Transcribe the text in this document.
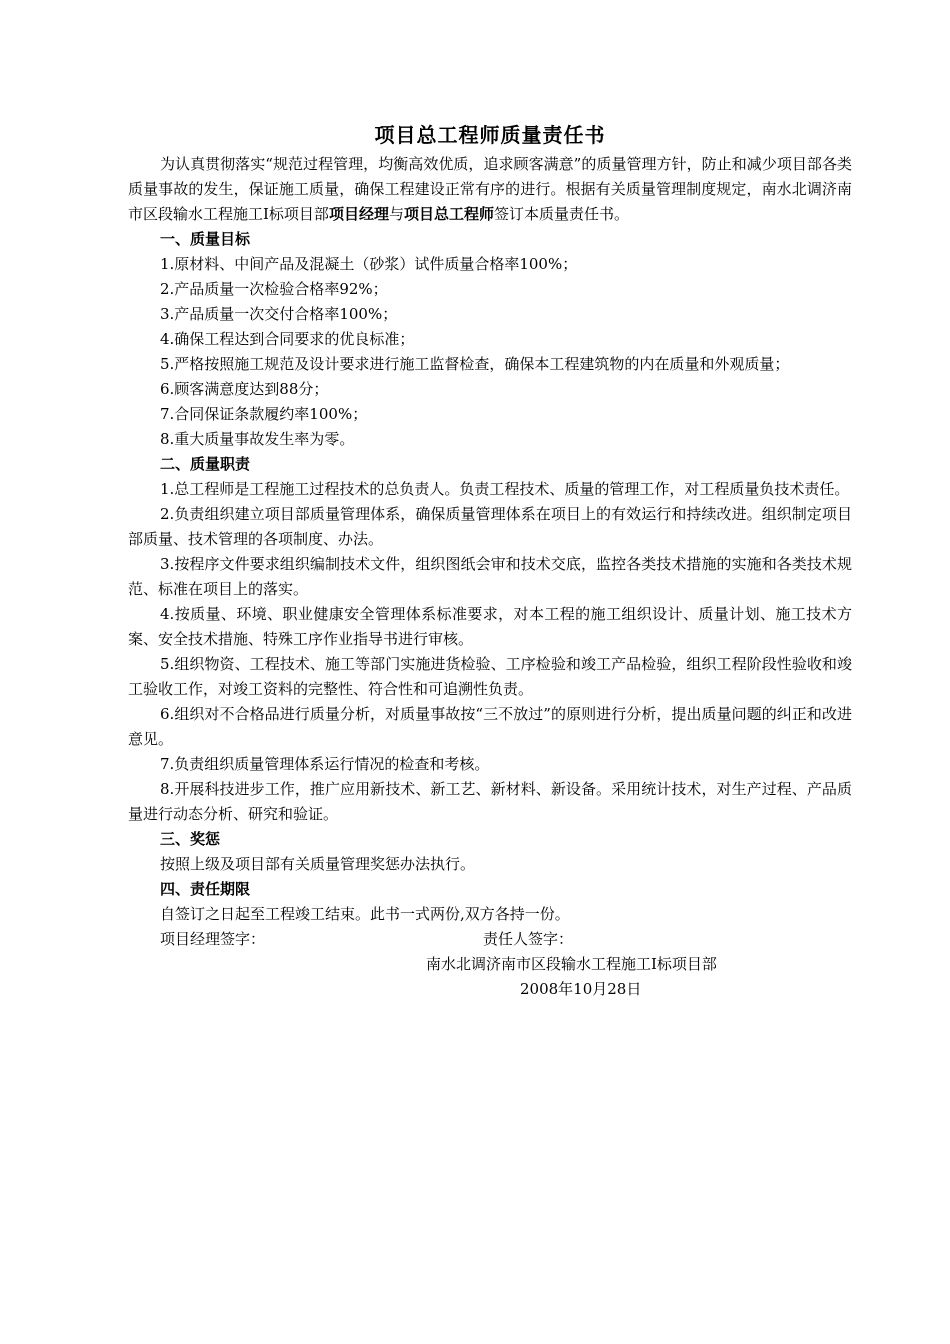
项目总工程师质量责任书

为认真贯彻落实“规范过程管理，均衡高效优质，追求顾客满意”的质量管理方针，防止和减少项目部各类质量事故的发生，保证施工质量，确保工程建设正常有序的进行。根据有关质量管理制度规定，南水北调济南市区段输水工程施工Ⅰ标项目部项目经理与项目总工程师签订本质量责任书。

一、质量目标

1.原材料、中间产品及混凝土（砂浆）试件质量合格率100%；

2.产品质量一次检验合格率92%；

3.产品质量一次交付合格率100%；

4.确保工程达到合同要求的优良标准；

5.严格按照施工规范及设计要求进行施工监督检查，确保本工程建筑物的内在质量和外观质量；

6.顾客满意度达到88分；

7.合同保证条款履约率100%；

8.重大质量事故发生率为零。

二、质量职责

1.总工程师是工程施工过程技术的总负责人。负责工程技术、质量的管理工作，对工程质量负技术责任。

2.负责组织建立项目部质量管理体系，确保质量管理体系在项目上的有效运行和持续改进。组织制定项目部质量、技术管理的各项制度、办法。

3.按程序文件要求组织编制技术文件，组织图纸会审和技术交底，监控各类技术措施的实施和各类技术规范、标准在项目上的落实。

4.按质量、环境、职业健康安全管理体系标准要求，对本工程的施工组织设计、质量计划、施工技术方案、安全技术措施、特殊工序作业指导书进行审核。

5.组织物资、工程技术、施工等部门实施进货检验、工序检验和竣工产品检验，组织工程阶段性验收和竣工验收工作，对竣工资料的完整性、符合性和可追溯性负责。

6.组织对不合格品进行质量分析，对质量事故按“三不放过”的原则进行分析，提出质量问题的纠正和改进意见。

7.负责组织质量管理体系运行情况的检查和考核。

8.开展科技进步工作，推广应用新技术、新工艺、新材料、新设备。采用统计技术，对生产过程、产品质量进行动态分析、研究和验证。

三、奖惩

按照上级及项目部有关质量管理奖惩办法执行。

四、责任期限

自签订之日起至工程竣工结束。此书一式两份,双方各持一份。

项目经理签字：	责任人签字：

南水北调济南市区段输水工程施工Ⅰ标项目部

2008年10月28日
